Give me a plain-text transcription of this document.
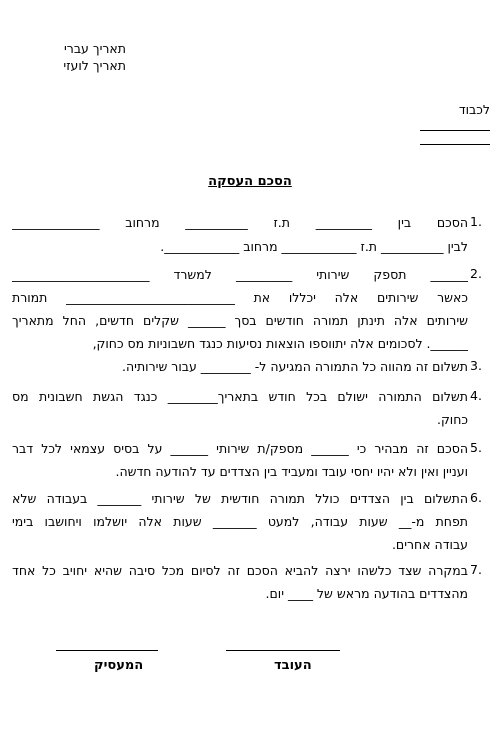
תאריך עברי
תאריך לועזי
לכבוד
הסכם העסקה
1.
הסכם בין _________ ת.ז __________ מרחוב ______________
לבין __________ ת.ז ____________ מרחוב ____________.
2.
______ תספק שירותי _________ למשרד ______________________
כאשר שירותים אלה יכללו את ___________________________ תמורת
שירותים אלה תינתן תמורה חודשים בסך ______ שקלים חדשים, החל מתאריך
______. לסכומים אלה יתווספו הוצאות נסיעות כנגד חשבוניות מס כחוק,
3.
תשלום זה מהווה כל התמורה המגיעה ל- ________ עבור שירותיה.
4.
תשלום התמורה ישולם בכל חודש בתאריך________ כנגד הגשת חשבונית מס
כחוק.
5.
הסכם זה מבהיר כי ______ מספק/ת שירותי ______ על בסיס עצמאי לכל דבר
ועניין ואין ולא יהיו יחסי עובד ומעביד בין הצדדים עד להודעה חדשה.
6.
התשלום בין הצדדים כולל תמורה חודשית של שירותי _______ בעבודה שלא
תפחת מ-__ שעות עבודה, למעט _______ שעות אלה יושלמו ויחושבו בימי
עבודה אחרים.
7.
במקרה שצד כלשהו ירצה להביא הסכם זה לסיום מכל סיבה שהיא יחויב כל אחד
מהצדדים בהודעה מראש של ____ יום.
המעסיק	העובד
